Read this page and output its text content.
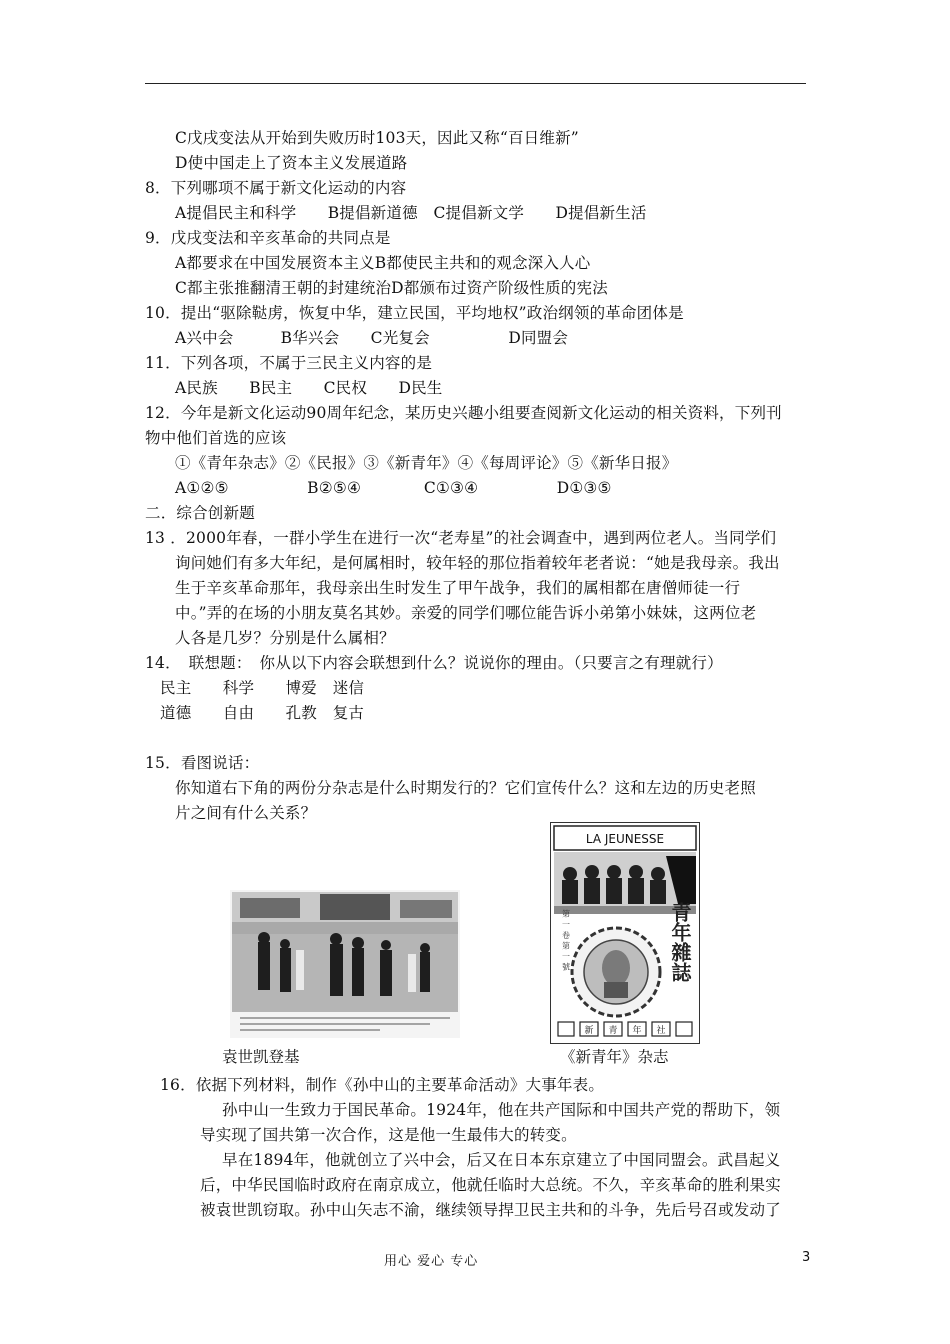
C戊戌变法从开始到失败历时103天，因此又称“百日维新”
D使中国走上了资本主义发展道路
8．下列哪项不属于新文化运动的内容
A提倡民主和科学　　B提倡新道德　C提倡新文学　　D提倡新生活
9．戊戌变法和辛亥革命的共同点是
A都要求在中国发展资本主义B都使民主共和的观念深入人心
C都主张推翻清王朝的封建统治D都颁布过资产阶级性质的宪法
10．提出“驱除鞑虏，恢复中华，建立民国，平均地权”政治纲领的革命团体是
A兴中会　　　B华兴会　　C光复会　　　　　D同盟会
11．下列各项，不属于三民主义内容的是
A民族　　B民主　　C民权　　D民生
12．今年是新文化运动90周年纪念，某历史兴趣小组要查阅新文化运动的相关资料，下列刊
物中他们首选的应该
①《青年杂志》②《民报》③《新青年》④《每周评论》⑤《新华日报》
A①②⑤　　　　　B②⑤④　　　　C①③④　　　　　D①③⑤
二．综合创新题
13 ．2000年春，一群小学生在进行一次“老寿星”的社会调查中，遇到两位老人。当同学们
询问她们有多大年纪，是何属相时，较年轻的那位指着较年老者说：“她是我母亲。我出
生于辛亥革命那年，我母亲出生时发生了甲午战争，我们的属相都在唐僧师徒一行
中。”弄的在场的小朋友莫名其妙。亲爱的同学们哪位能告诉小弟第小妹妹，这两位老
人各是几岁？分别是什么属相？
14．　联想题：　你从以下内容会联想到什么？说说你的理由。（只要言之有理就行）
民主　　科学　　博爱　迷信
道德　　自由　　孔教　复古
15．看图说话：
你知道右下角的两份分杂志是什么时期发行的？它们宣传什么？这和左边的历史老照
片之间有什么关系？
袁世凯登基
LA JEUNESSE
青年雜誌
第 一 卷 第 一 號
新 青 年 社
《新青年》杂志
16．依据下列材料，制作《孙中山的主要革命活动》大事年表。
孙中山一生致力于国民革命。1924年，他在共产国际和中国共产党的帮助下，领
导实现了国共第一次合作，这是他一生最伟大的转变。
早在1894年，他就创立了兴中会，后又在日本东京建立了中国同盟会。武昌起义
后，中华民国临时政府在南京成立，他就任临时大总统。不久，辛亥革命的胜利果实
被袁世凯窃取。孙中山矢志不渝，继续领导捍卫民主共和的斗争，先后号召或发动了
用心 爱心 专心	3
